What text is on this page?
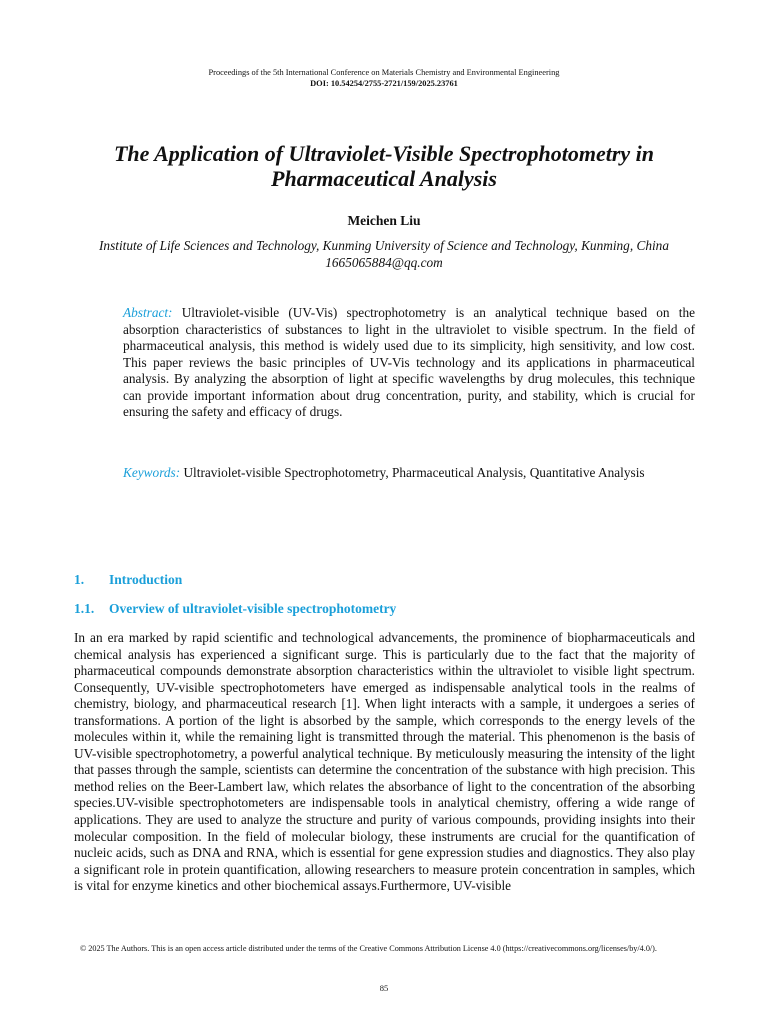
Proceedings of the 5th International Conference on Materials Chemistry and Environmental Engineering
DOI: 10.54254/2755-2721/159/2025.23761
The Application of Ultraviolet-Visible Spectrophotometry in Pharmaceutical Analysis
Meichen Liu
Institute of Life Sciences and Technology, Kunming University of Science and Technology, Kunming, China
1665065884@qq.com

Abstract: Ultraviolet-visible (UV-Vis) spectrophotometry is an analytical technique based on the absorption characteristics of substances to light in the ultraviolet to visible spectrum. In the field of pharmaceutical analysis, this method is widely used due to its simplicity, high sensitivity, and low cost. This paper reviews the basic principles of UV-Vis technology and its applications in pharmaceutical analysis. By analyzing the absorption of light at specific wavelengths by drug molecules, this technique can provide important information about drug concentration, purity, and stability, which is crucial for ensuring the safety and efficacy of drugs.

Keywords: Ultraviolet-visible Spectrophotometry, Pharmaceutical Analysis, Quantitative Analysis

1. Introduction
1.1. Overview of ultraviolet-visible spectrophotometry

In an era marked by rapid scientific and technological advancements, the prominence of biopharmaceuticals and chemical analysis has experienced a significant surge. This is particularly due to the fact that the majority of pharmaceutical compounds demonstrate absorption characteristics within the ultraviolet to visible light spectrum. Consequently, UV-visible spectrophotometers have emerged as indispensable analytical tools in the realms of chemistry, biology, and pharmaceutical research [1]. When light interacts with a sample, it undergoes a series of transformations. A portion of the light is absorbed by the sample, which corresponds to the energy levels of the molecules within it, while the remaining light is transmitted through the material. This phenomenon is the basis of UV-visible spectrophotometry, a powerful analytical technique. By meticulously measuring the intensity of the light that passes through the sample, scientists can determine the concentration of the substance with high precision. This method relies on the Beer-Lambert law, which relates the absorbance of light to the concentration of the absorbing species.UV-visible spectrophotometers are indispensable tools in analytical chemistry, offering a wide range of applications. They are used to analyze the structure and purity of various compounds, providing insights into their molecular composition. In the field of molecular biology, these instruments are crucial for the quantification of nucleic acids, such as DNA and RNA, which is essential for gene expression studies and diagnostics. They also play a significant role in protein quantification, allowing researchers to measure protein concentration in samples, which is vital for enzyme kinetics and other biochemical assays.Furthermore, UV-visible

© 2025 The Authors. This is an open access article distributed under the terms of the Creative Commons Attribution License 4.0 (https://creativecommons.org/licenses/by/4.0/).

85
